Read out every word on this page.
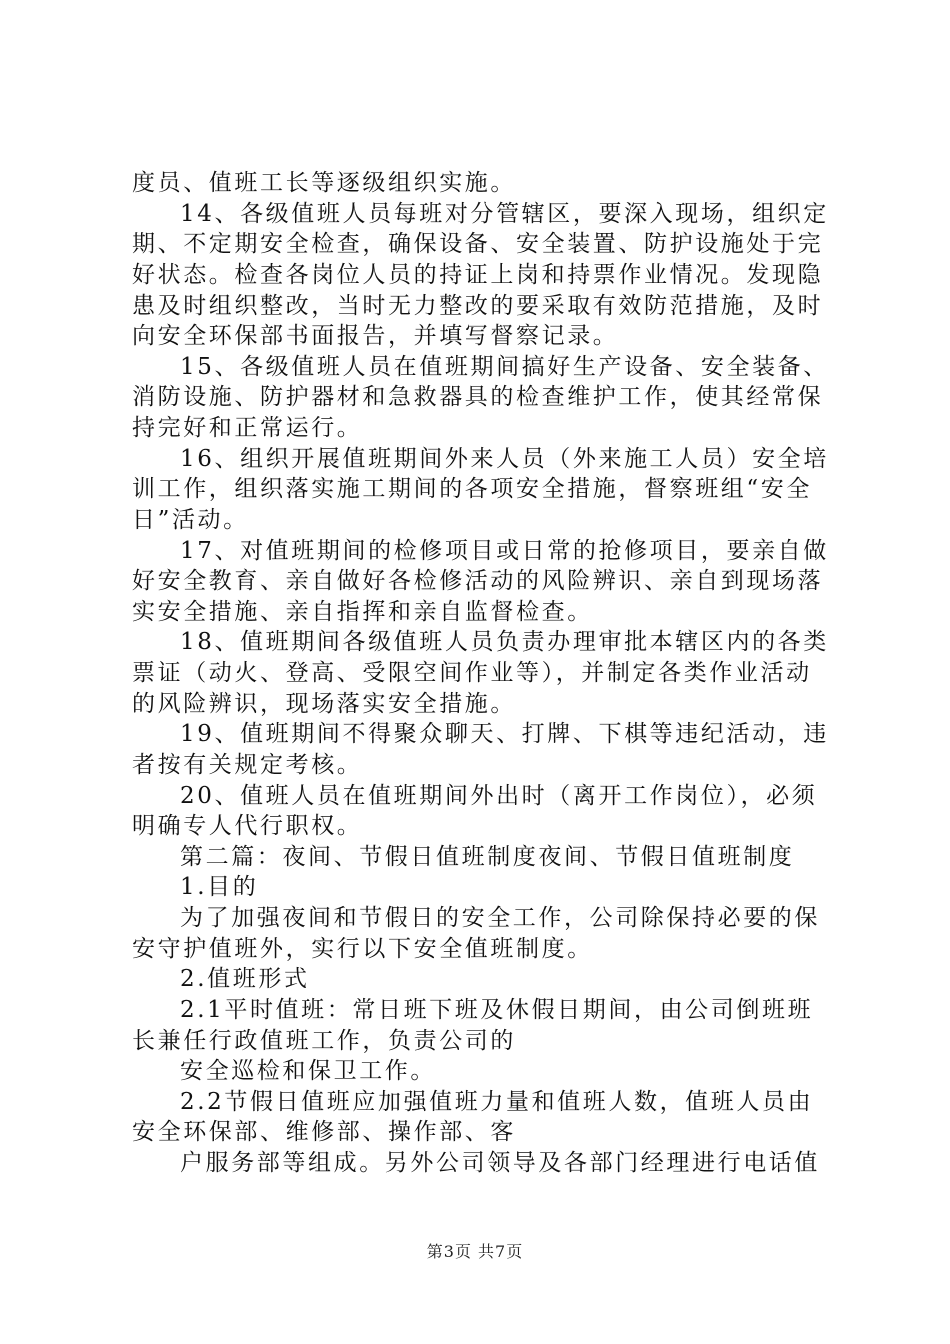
度员、值班工长等逐级组织实施。
14、各级值班人员每班对分管辖区，要深入现场，组织定
期、不定期安全检查，确保设备、安全装置、防护设施处于完
好状态。检查各岗位人员的持证上岗和持票作业情况。发现隐
患及时组织整改，当时无力整改的要采取有效防范措施，及时
向安全环保部书面报告，并填写督察记录。
15、各级值班人员在值班期间搞好生产设备、安全装备、
消防设施、防护器材和急救器具的检查维护工作，使其经常保
持完好和正常运行。
16、组织开展值班期间外来人员（外来施工人员）安全培
训工作，组织落实施工期间的各项安全措施，督察班组“安全
日”活动。
17、对值班期间的检修项目或日常的抢修项目，要亲自做
好安全教育、亲自做好各检修活动的风险辨识、亲自到现场落
实安全措施、亲自指挥和亲自监督检查。
18、值班期间各级值班人员负责办理审批本辖区内的各类
票证（动火、登高、受限空间作业等），并制定各类作业活动
的风险辨识，现场落实安全措施。
19、值班期间不得聚众聊天、打牌、下棋等违纪活动，违
者按有关规定考核。
20、值班人员在值班期间外出时（离开工作岗位），必须
明确专人代行职权。
第二篇：夜间、节假日值班制度夜间、节假日值班制度
1.目的
为了加强夜间和节假日的安全工作，公司除保持必要的保
安守护值班外，实行以下安全值班制度。
2.值班形式
2.1平时值班：常日班下班及休假日期间，由公司倒班班
长兼任行政值班工作，负责公司的
安全巡检和保卫工作。
2.2节假日值班应加强值班力量和值班人数，值班人员由
安全环保部、维修部、操作部、客
户服务部等组成。另外公司领导及各部门经理进行电话值
第3页 共7页
